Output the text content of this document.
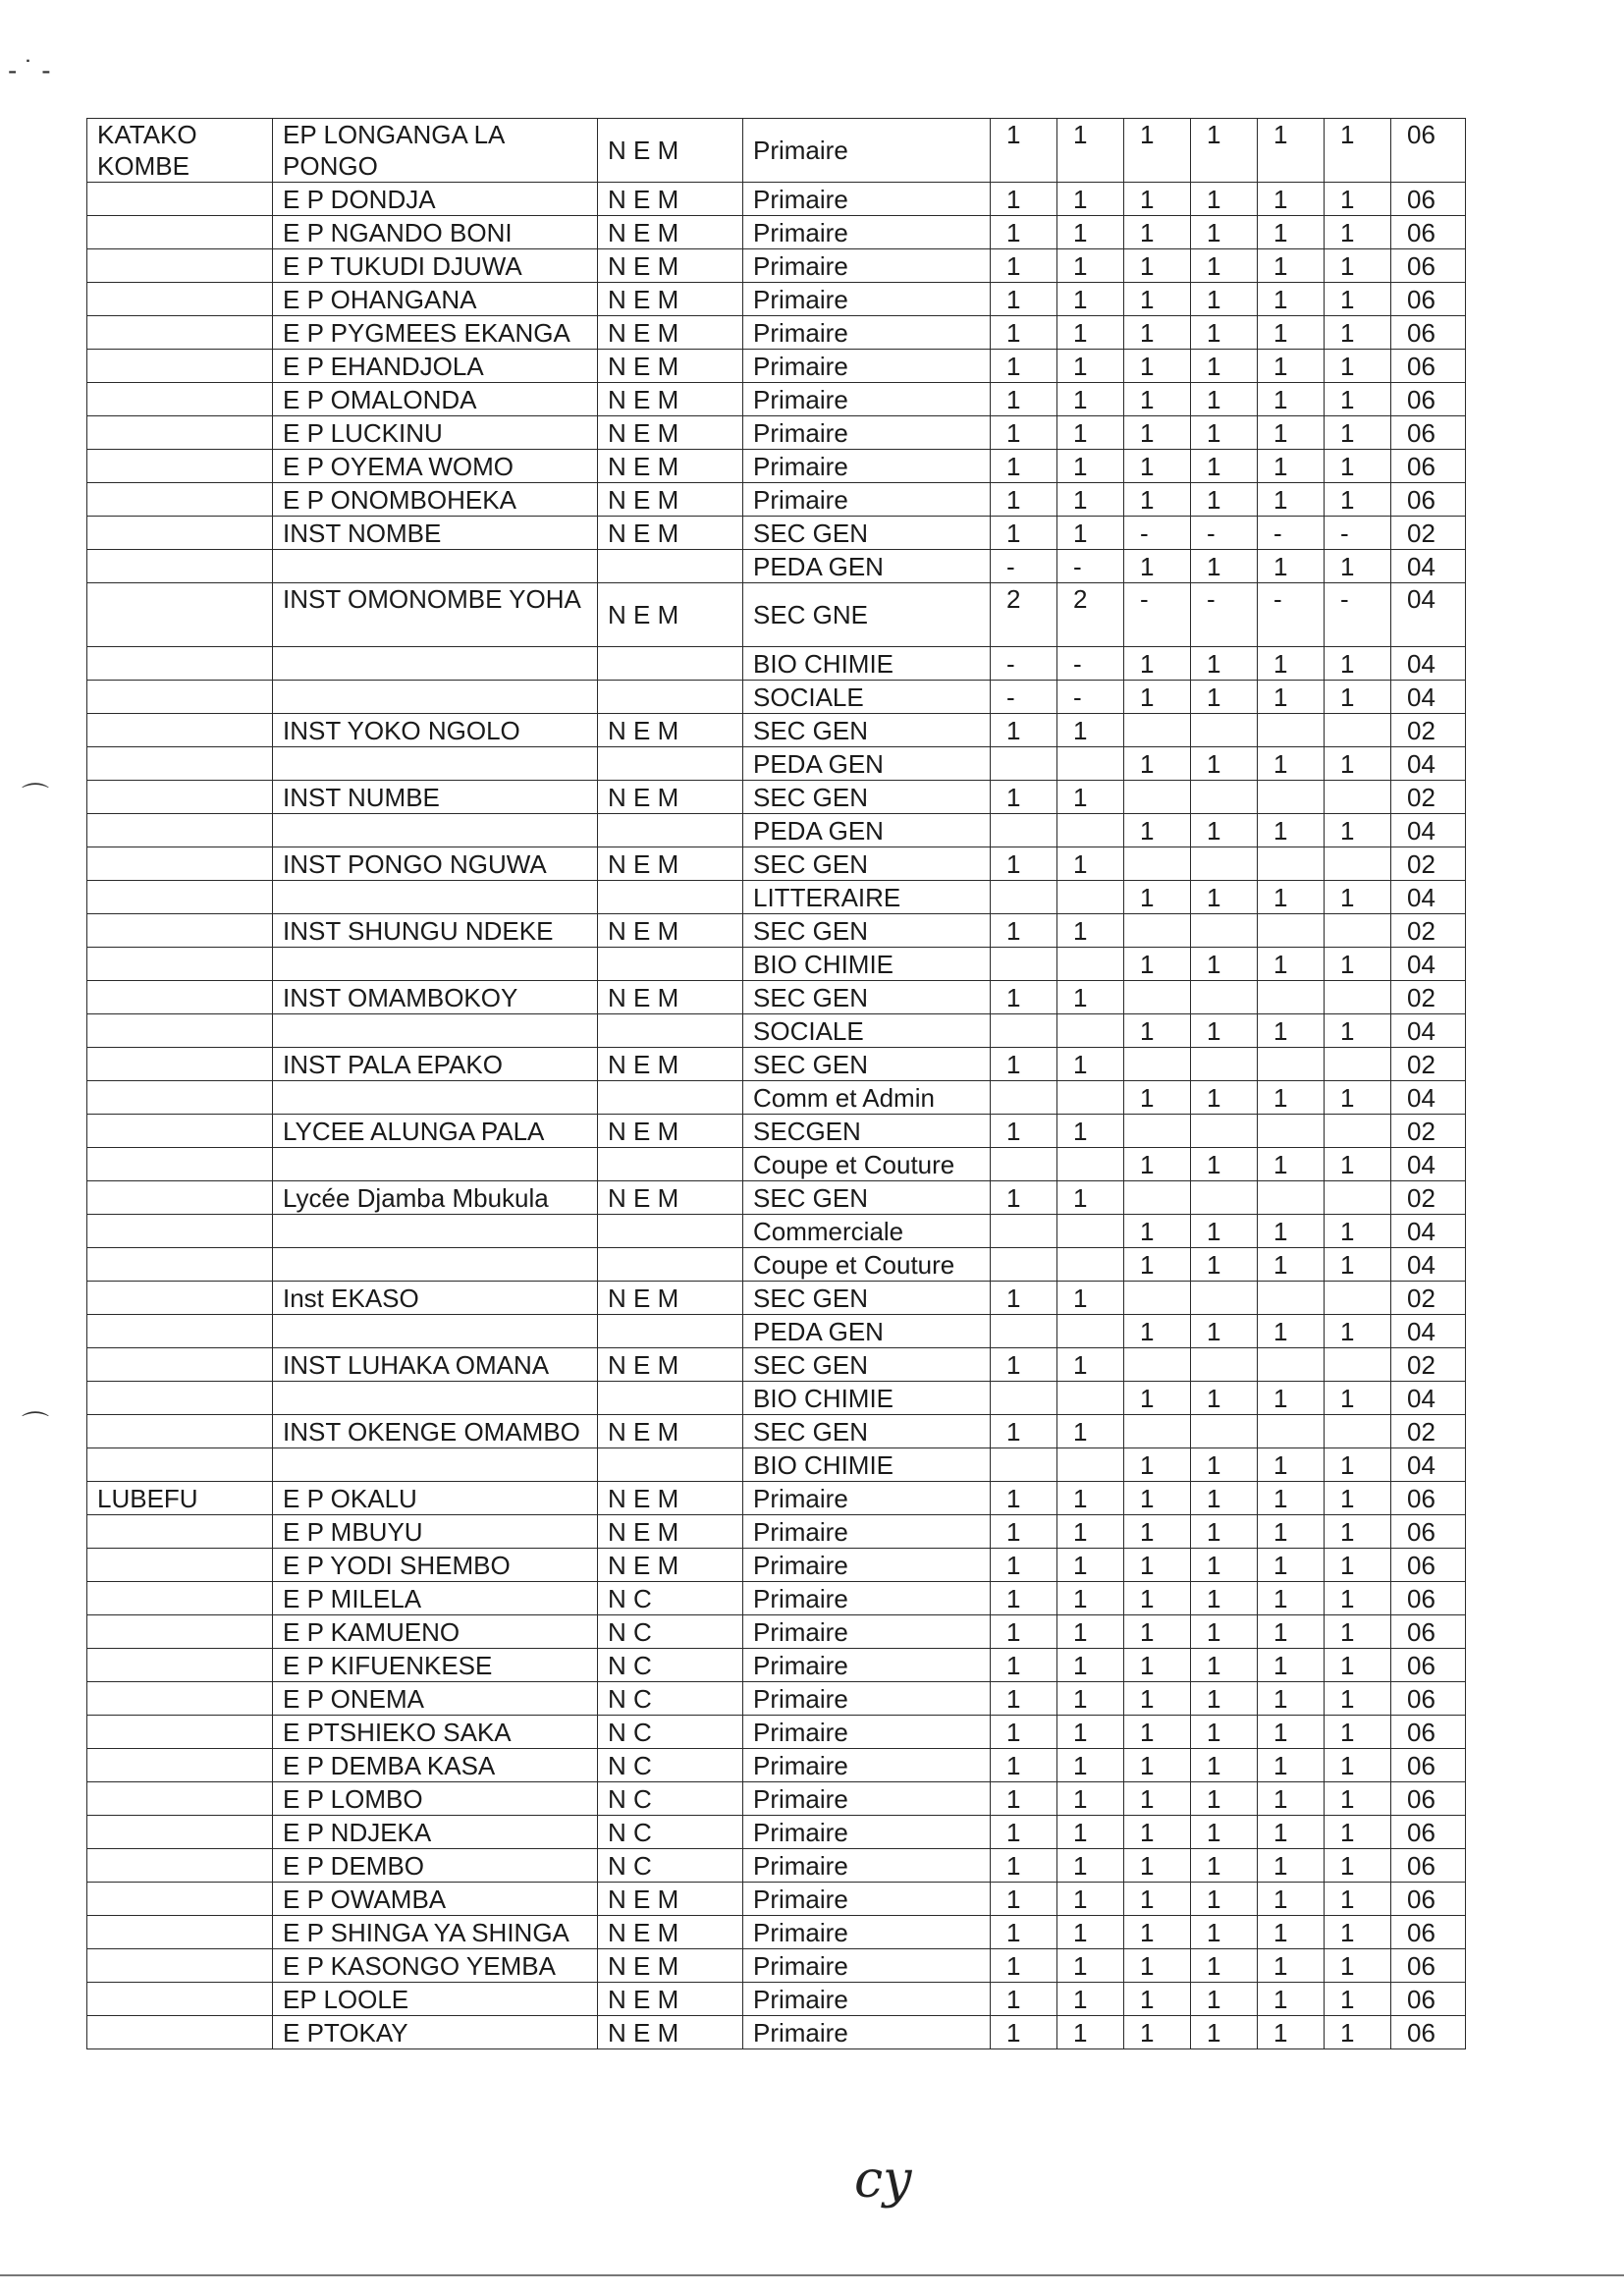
‐ ˙ ‑
⌒
⌒
KATAKO KOMBE	EP LONGANGA LA PONGO	N E M	Primaire	1	1	1	1	1	1	06
	E P DONDJA	N E M	Primaire	1	1	1	1	1	1	06
	E P NGANDO BONI	N E M	Primaire	1	1	1	1	1	1	06
	E P TUKUDI DJUWA	N E M	Primaire	1	1	1	1	1	1	06
	E P OHANGANA	N E M	Primaire	1	1	1	1	1	1	06
	E P PYGMEES EKANGA	N E M	Primaire	1	1	1	1	1	1	06
	E P EHANDJOLA	N E M	Primaire	1	1	1	1	1	1	06
	E P OMALONDA	N E M	Primaire	1	1	1	1	1	1	06
	E P LUCKINU	N E M	Primaire	1	1	1	1	1	1	06
	E P OYEMA WOMO	N E M	Primaire	1	1	1	1	1	1	06
	E P ONOMBOHEKA	N E M	Primaire	1	1	1	1	1	1	06
	INST NOMBE	N E M	SEC GEN	1	1	-	-	-	-	02
			PEDA GEN	-	-	1	1	1	1	04
	INST OMONOMBE YOHA	N E M	SEC GNE	2	2	-	-	-	-	04
			BIO CHIMIE	-	-	1	1	1	1	04
			SOCIALE	-	-	1	1	1	1	04
	INST YOKO NGOLO	N E M	SEC GEN	1	1					02
			PEDA GEN			1	1	1	1	04
	INST NUMBE	N E M	SEC GEN	1	1					02
			PEDA GEN			1	1	1	1	04
	INST PONGO NGUWA	N E M	SEC GEN	1	1					02
			LITTERAIRE			1	1	1	1	04
	INST SHUNGU NDEKE	N E M	SEC GEN	1	1					02
			BIO CHIMIE			1	1	1	1	04
	INST OMAMBOKOY	N E M	SEC GEN	1	1					02
			SOCIALE			1	1	1	1	04
	INST PALA EPAKO	N E M	SEC GEN	1	1					02
			Comm et Admin			1	1	1	1	04
	LYCEE ALUNGA PALA	N E M	SECGEN	1	1					02
			Coupe et Couture			1	1	1	1	04
	Lycée Djamba Mbukula	N E M	SEC GEN	1	1					02
			Commerciale			1	1	1	1	04
			Coupe et Couture			1	1	1	1	04
	Inst EKASO	N E M	SEC GEN	1	1					02
			PEDA GEN			1	1	1	1	04
	INST LUHAKA OMANA	N E M	SEC GEN	1	1					02
			BIO CHIMIE			1	1	1	1	04
	INST OKENGE OMAMBO	N E M	SEC GEN	1	1					02
			BIO CHIMIE			1	1	1	1	04
LUBEFU	E P OKALU	N E M	Primaire	1	1	1	1	1	1	06
	E P MBUYU	N E M	Primaire	1	1	1	1	1	1	06
	E P YODI SHEMBO	N E M	Primaire	1	1	1	1	1	1	06
	E P MILELA	N C	Primaire	1	1	1	1	1	1	06
	E P KAMUENO	N C	Primaire	1	1	1	1	1	1	06
	E P KIFUENKESE	N C	Primaire	1	1	1	1	1	1	06
	E P ONEMA	N C	Primaire	1	1	1	1	1	1	06
	E PTSHIEKO SAKA	N C	Primaire	1	1	1	1	1	1	06
	E P DEMBA KASA	N C	Primaire	1	1	1	1	1	1	06
	E P LOMBO	N C	Primaire	1	1	1	1	1	1	06
	E P NDJEKA	N C	Primaire	1	1	1	1	1	1	06
	E P DEMBO	N C	Primaire	1	1	1	1	1	1	06
	E P OWAMBA	N E M	Primaire	1	1	1	1	1	1	06
	E P SHINGA YA SHINGA	N E M	Primaire	1	1	1	1	1	1	06
	E P KASONGO YEMBA	N E M	Primaire	1	1	1	1	1	1	06
	EP LOOLE	N E M	Primaire	1	1	1	1	1	1	06
	E PTOKAY	N E M	Primaire	1	1	1	1	1	1	06
cy
